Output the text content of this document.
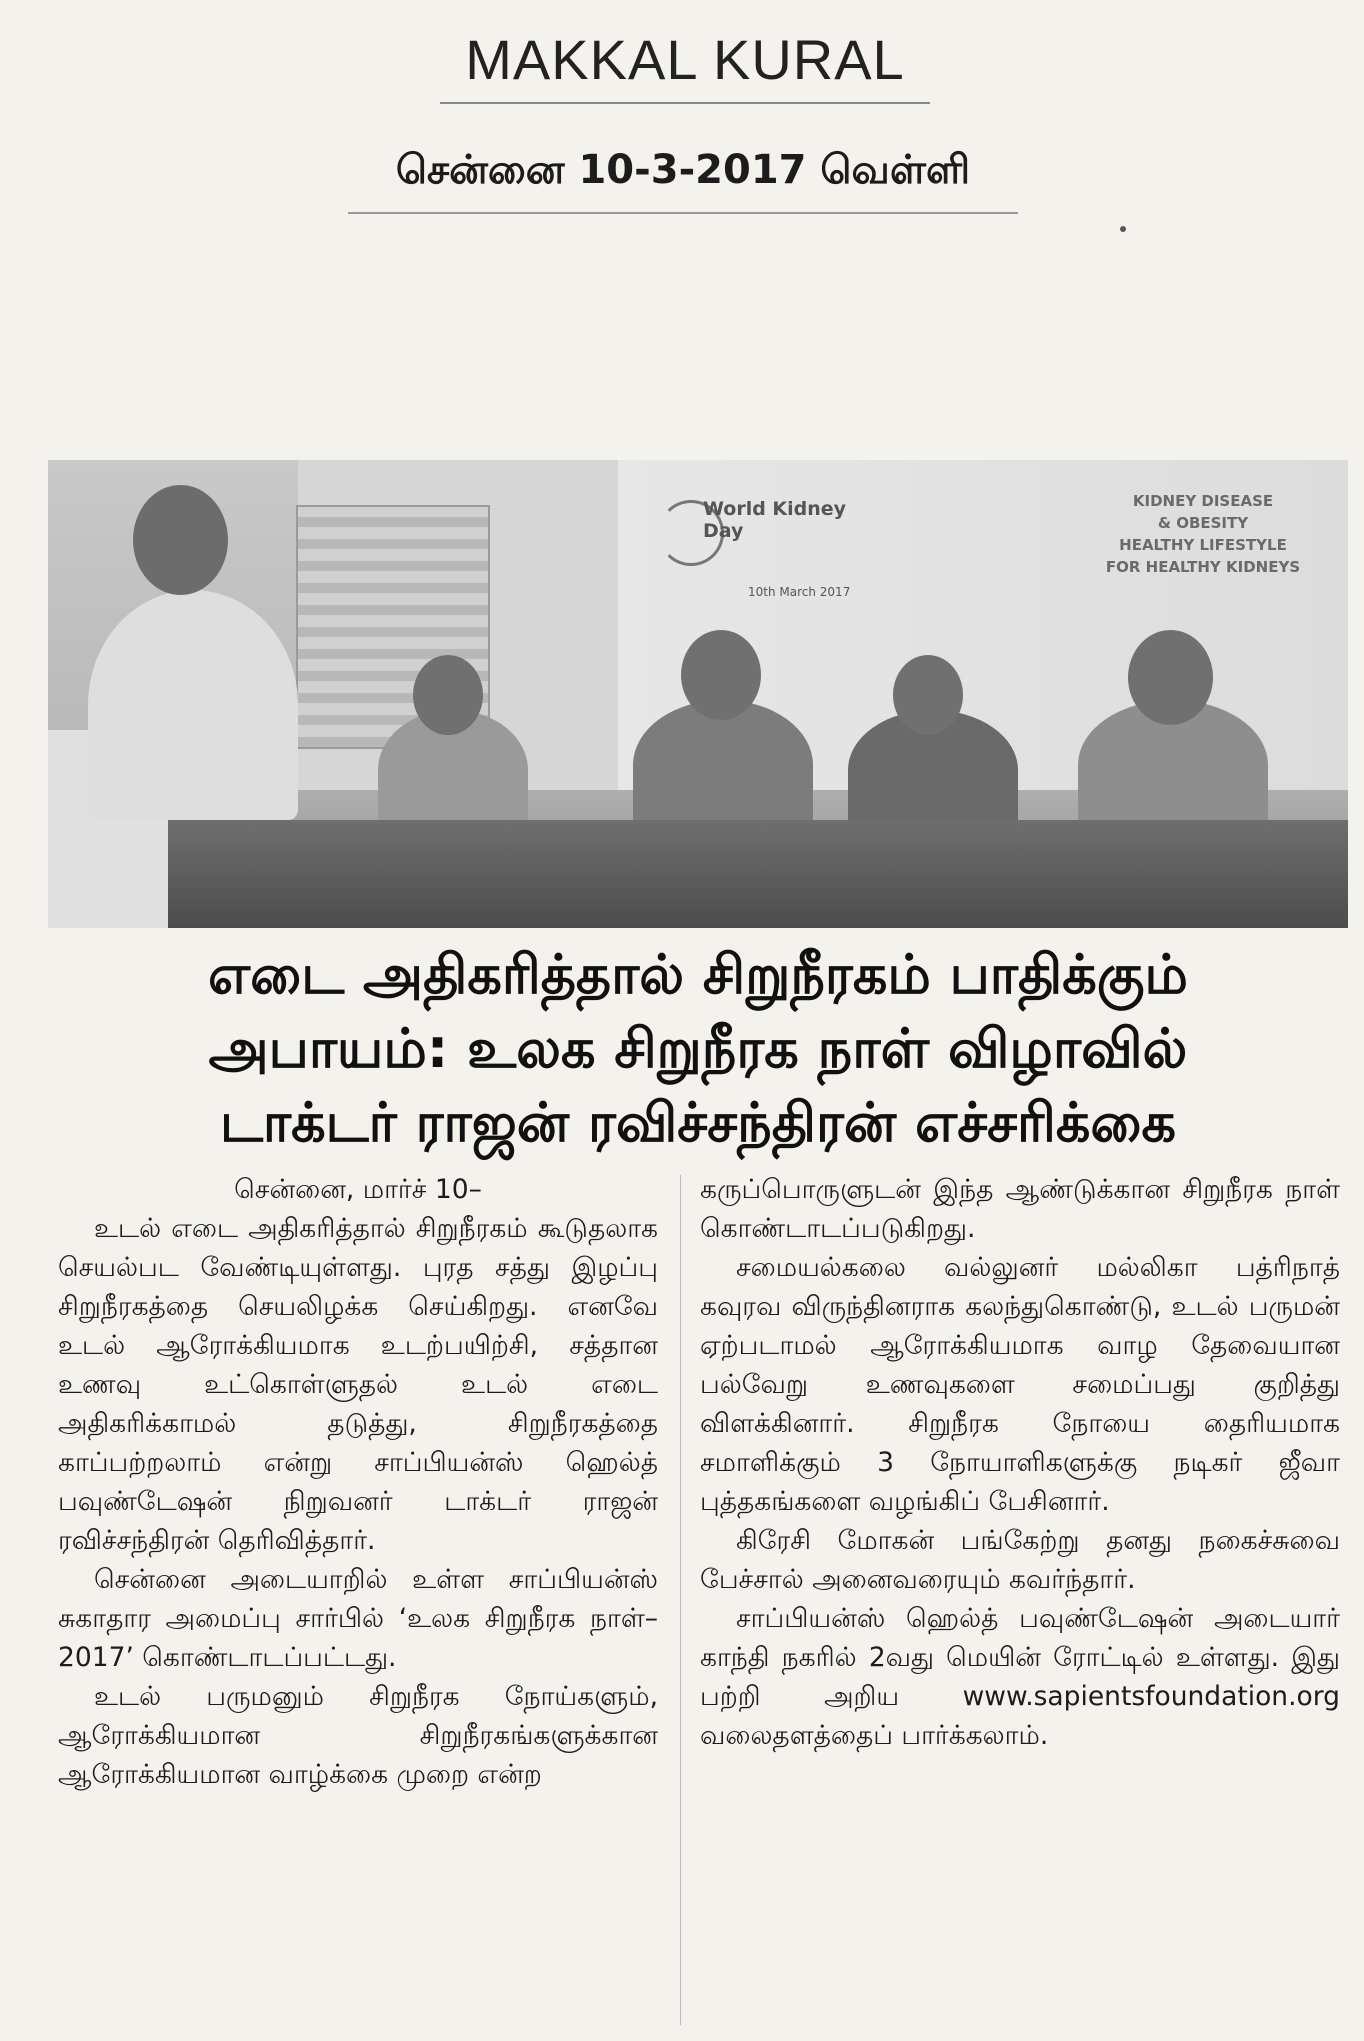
MAKKAL KURAL
சென்னை 10-3-2017 வெள்ளி
World Kidney Day
10th March 2017
KIDNEY DISEASE
& OBESITY
HEALTHY LIFESTYLE
FOR HEALTHY KIDNEYS
எடை அதிகரித்தால் சிறுநீரகம் பாதிக்கும்
அபாயம்: உலக சிறுநீரக நாள் விழாவில்
டாக்டர் ராஜன் ரவிச்சந்திரன் எச்சரிக்கை
சென்னை, மார்ச் 10–

உடல் எடை அதிகரித்தால் சிறுநீரகம் கூடுதலாக செயல்பட வேண்டியுள்ளது. புரத சத்து இழப்பு சிறுநீரகத்தை செயலிழக்க செய்கிறது. எனவே உடல் ஆரோக்கியமாக உடற்பயிற்சி, சத்தான உணவு உட்கொள்ளுதல் உடல் எடை அதிகரிக்காமல் தடுத்து, சிறுநீரகத்தை காப்பற்றலாம் என்று சாப்பியன்ஸ் ஹெல்த் பவுண்டேஷன் நிறுவனர் டாக்டர் ராஜன் ரவிச்சந்திரன் தெரிவித்தார்.

சென்னை அடையாறில் உள்ள சாப்பியன்ஸ் சுகாதார அமைப்பு சார்பில் ‘உலக சிறுநீரக நாள்–2017’ கொண்டாடப்பட்டது.

உடல் பருமனும் சிறுநீரக நோய்களும், ஆரோக்கியமான சிறுநீரகங்களுக்கான ஆரோக்கியமான வாழ்க்கை முறை என்ற

கருப்பொருளுடன் இந்த ஆண்டுக்கான சிறுநீரக நாள் கொண்டாடப்படுகிறது.

சமையல்கலை வல்லுனர் மல்லிகா பத்ரிநாத் கவுரவ விருந்தினராக கலந்துகொண்டு, உடல் பருமன் ஏற்படாமல் ஆரோக்கியமாக வாழ தேவையான பல்வேறு உணவுகளை சமைப்பது குறித்து விளக்கினார். சிறுநீரக நோயை தைரியமாக சமாளிக்கும் 3 நோயாளிகளுக்கு நடிகர் ஜீவா புத்தகங்களை வழங்கிப் பேசினார்.

கிரேசி மோகன் பங்கேற்று தனது நகைச்சுவை பேச்சால் அனைவரையும் கவர்ந்தார்.

சாப்பியன்ஸ் ஹெல்த் பவுண்டேஷன் அடையார் காந்தி நகரில் 2வது மெயின் ரோட்டில் உள்ளது. இது பற்றி அறிய www.sapientsfoundation.org வலைதளத்தைப் பார்க்கலாம்.
